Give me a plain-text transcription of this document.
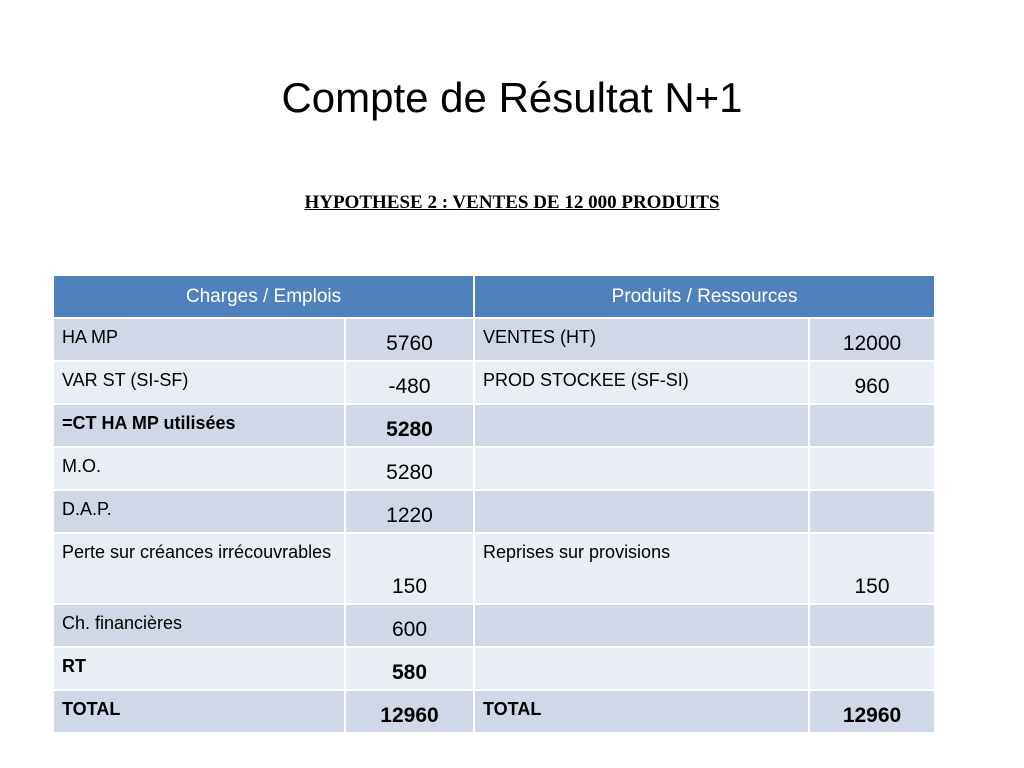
Compte de Résultat N+1
HYPOTHESE 2 : VENTES DE 12 000 PRODUITS
Charges / Emplois		Produits / Ressources	
HA MP	5760	VENTES (HT)	12000
VAR ST (SI-SF)	-480	PROD STOCKEE (SF-SI)	960
=CT HA MP utilisées	5280		
M.O.	5280		
D.A.P.	1220		
Perte sur créances irrécouvrables	150	Reprises sur provisions	150
Ch. financières	600		
RT	580		
TOTAL	12960	TOTAL	12960
